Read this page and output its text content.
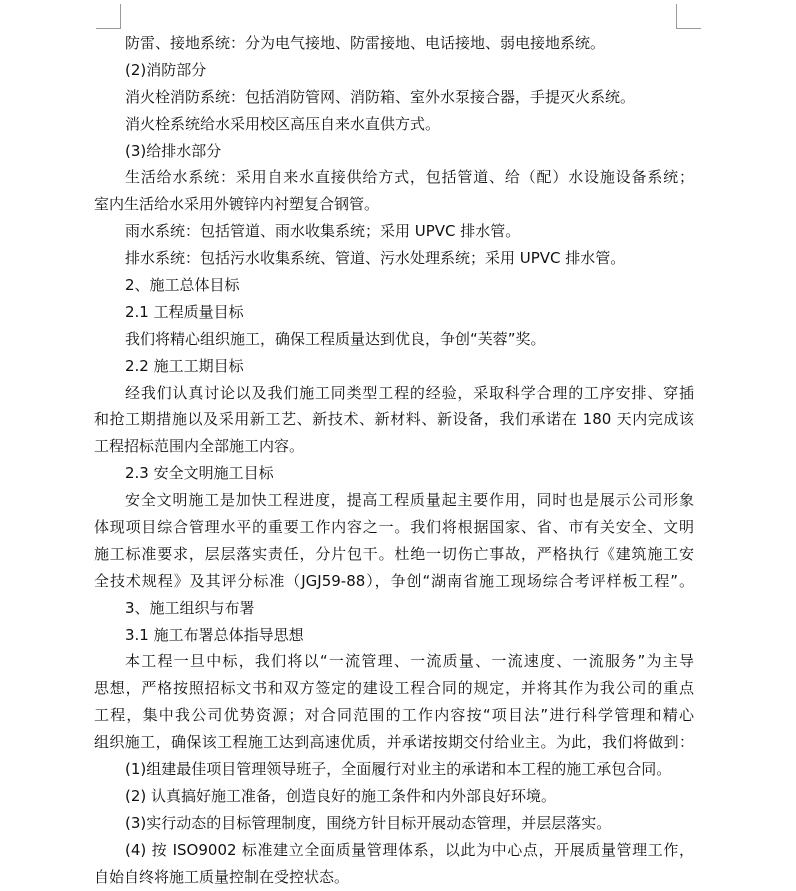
防雷、接地系统：分为电气接地、防雷接地、电话接地、弱电接地系统。
(2)消防部分
消火栓消防系统：包括消防管网、消防箱、室外水泵接合器，手提灭火系统。
消火栓系统给水采用校区高压自来水直供方式。
(3)给排水部分
生活给水系统：采用自来水直接供给方式，包括管道、给（配）水设施设备系统；
室内生活给水采用外镀锌内衬塑复合钢管。
雨水系统：包括管道、雨水收集系统；采用 UPVC 排水管。
排水系统：包括污水收集系统、管道、污水处理系统；采用 UPVC 排水管。
2、施工总体目标
2.1 工程质量目标
我们将精心组织施工，确保工程质量达到优良，争创“芙蓉”奖。
2.2 施工工期目标
经我们认真讨论以及我们施工同类型工程的经验，采取科学合理的工序安排、穿插
和抢工期措施以及采用新工艺、新技术、新材料、新设备，我们承诺在 180 天内完成该
工程招标范围内全部施工内容。
2.3 安全文明施工目标
安全文明施工是加快工程进度，提高工程质量起主要作用，同时也是展示公司形象
体现项目综合管理水平的重要工作内容之一。我们将根据国家、省、市有关安全、文明
施工标准要求，层层落实责任，分片包干。杜绝一切伤亡事故，严格执行《建筑施工安
全技术规程》及其评分标准（JGJ59-88），争创“湖南省施工现场综合考评样板工程”。
3、施工组织与布署
3.1 施工布署总体指导思想
本工程一旦中标，我们将以“一流管理、一流质量、一流速度、一流服务”为主导
思想，严格按照招标文书和双方签定的建设工程合同的规定，并将其作为我公司的重点
工程，集中我公司优势资源；对合同范围的工作内容按“项目法”进行科学管理和精心
组织施工，确保该工程施工达到高速优质，并承诺按期交付给业主。为此，我们将做到：
(1)组建最佳项目管理领导班子，全面履行对业主的承诺和本工程的施工承包合同。
(2) 认真搞好施工准备，创造良好的施工条件和内外部良好环境。
(3)实行动态的目标管理制度，围绕方针目标开展动态管理，并层层落实。
(4) 按 ISO9002 标准建立全面质量管理体系，以此为中心点，开展质量管理工作，
自始自终将施工质量控制在受控状态。
